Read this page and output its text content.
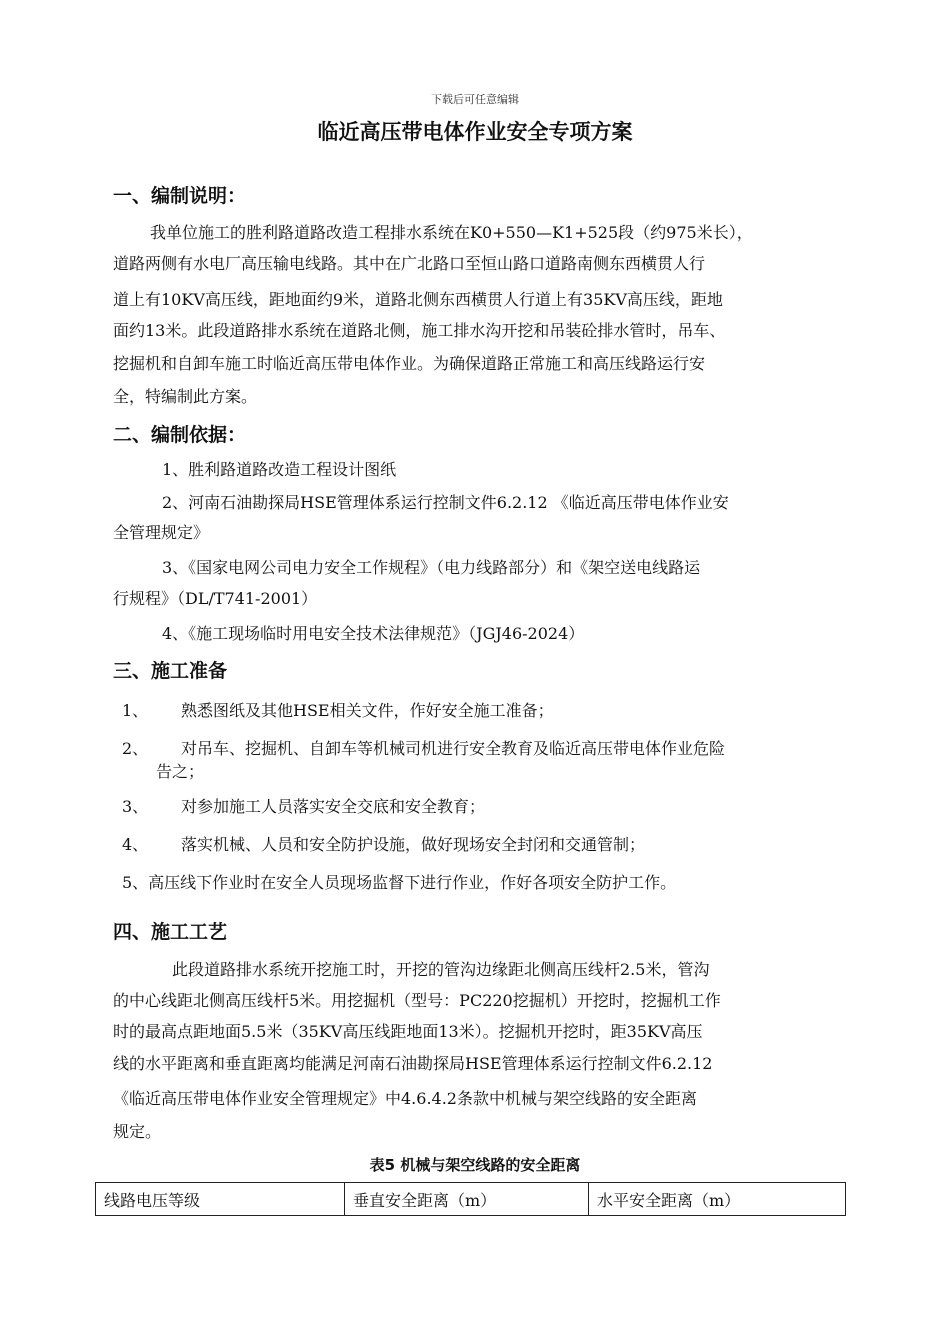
下载后可任意编辑
临近高压带电体作业安全专项方案
一、编制说明：
我单位施工的胜利路道路改造工程排水系统在K0+550—K1+525段（约975米长），
道路两侧有水电厂高压输电线路。其中在广北路口至恒山路口道路南侧东西横贯人行
道上有10KV高压线，距地面约9米，道路北侧东西横贯人行道上有35KV高压线，距地
面约13米。此段道路排水系统在道路北侧，施工排水沟开挖和吊装砼排水管时，吊车、
挖掘机和自卸车施工时临近高压带电体作业。为确保道路正常施工和高压线路运行安
全，特编制此方案。
二、编制依据：
1、胜利路道路改造工程设计图纸
2、河南石油勘探局HSE管理体系运行控制文件6.2.12 《临近高压带电体作业安
全管理规定》
3、《国家电网公司电力安全工作规程》（电力线路部分）和《架空送电线路运
行规程》（DL/T741-2001）
4、《施工现场临时用电安全技术法律规范》（JGJ46-2024）
三、施工准备
1、 熟悉图纸及其他HSE相关文件，作好安全施工准备；
2、 对吊车、挖掘机、自卸车等机械司机进行安全教育及临近高压带电体作业危险
告之；
3、 对参加施工人员落实安全交底和安全教育；
4、 落实机械、人员和安全防护设施，做好现场安全封闭和交通管制；
5、高压线下作业时在安全人员现场监督下进行作业，作好各项安全防护工作。
四、施工工艺
此段道路排水系统开挖施工时，开挖的管沟边缘距北侧高压线杆2.5米，管沟
的中心线距北侧高压线杆5米。用挖掘机（型号：PC220挖掘机）开挖时，挖掘机工作
时的最高点距地面5.5米（35KV高压线距地面13米）。挖掘机开挖时，距35KV高压
线的水平距离和垂直距离均能满足河南石油勘探局HSE管理体系运行控制文件6.2.12
《临近高压带电体作业安全管理规定》中4.6.4.2条款中机械与架空线路的安全距离
规定。
表5 机械与架空线路的安全距离
线路电压等级	垂直安全距离（m）	水平安全距离（m）
